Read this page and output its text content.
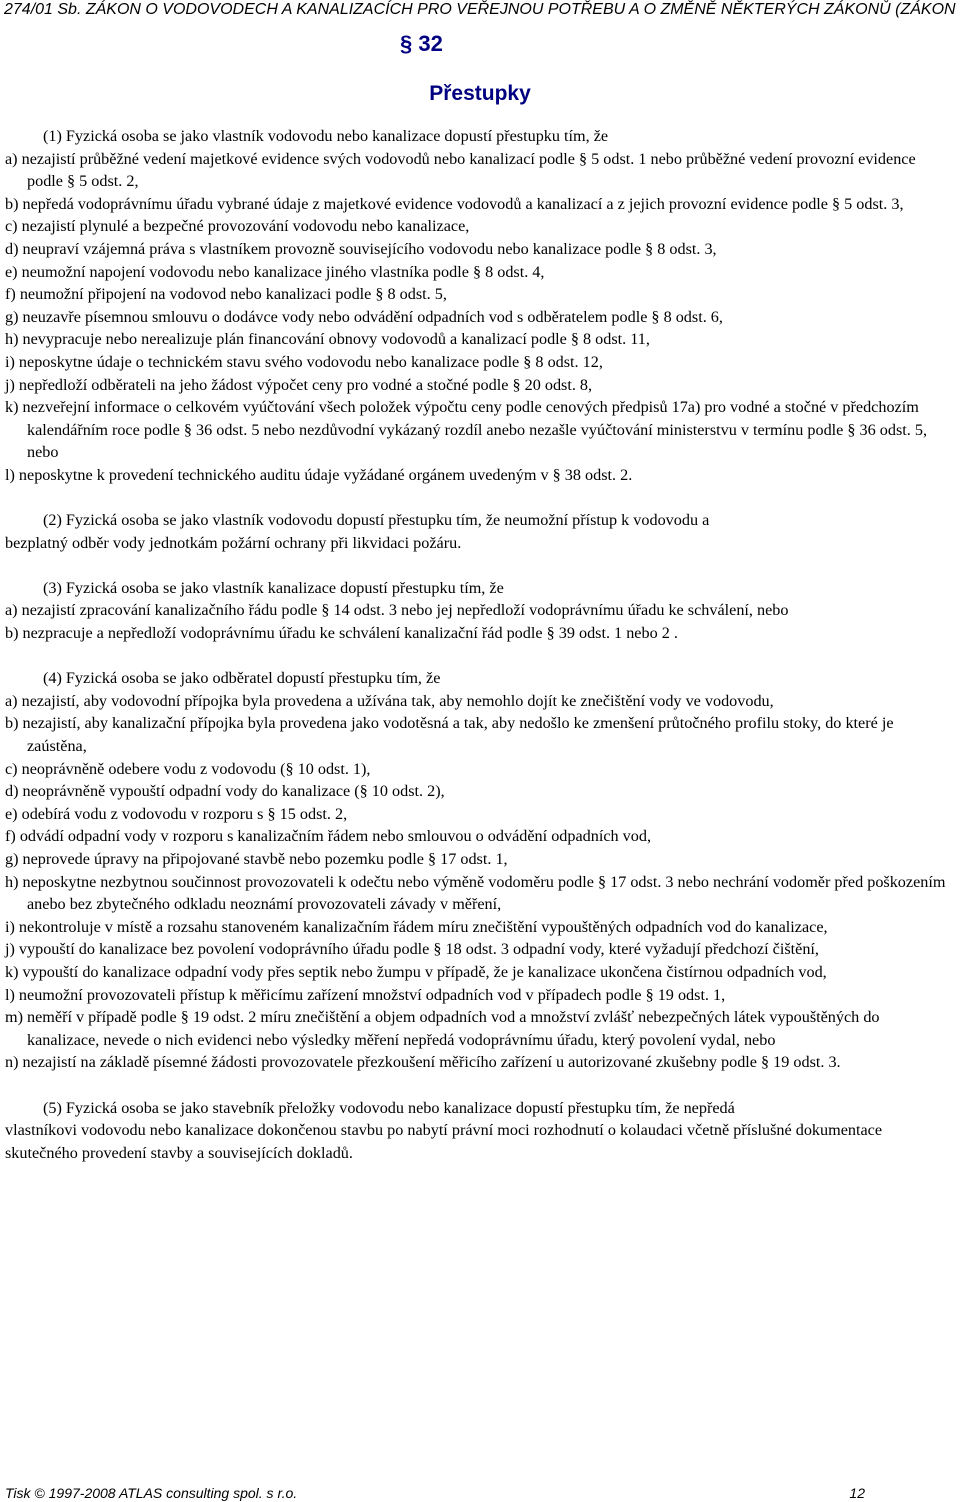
274/01 Sb. ZÁKON O VODOVODECH A KANALIZACÍCH PRO VEŘEJNOU POTŘEBU A O ZMĚNĚ NĚKTERÝCH ZÁKONŮ (ZÁKON
§ 32
Přestupky

(1) Fyzická osoba se jako vlastník vodovodu nebo kanalizace dopustí přestupku tím, že

a) nezajistí průběžné vedení majetkové evidence svých vodovodů nebo kanalizací podle § 5 odst. 1 nebo průběžné vedení provozní evidence podle § 5 odst. 2,

b) nepředá vodoprávnímu úřadu vybrané údaje z majetkové evidence vodovodů a kanalizací a z jejich provozní evidence podle § 5 odst. 3,

c) nezajistí plynulé a bezpečné provozování vodovodu nebo kanalizace,

d) neupraví vzájemná práva s vlastníkem provozně souvisejícího vodovodu nebo kanalizace podle § 8 odst. 3,

e) neumožní napojení vodovodu nebo kanalizace jiného vlastníka podle § 8 odst. 4,

f) neumožní připojení na vodovod nebo kanalizaci podle § 8 odst. 5,

g) neuzavře písemnou smlouvu o dodávce vody nebo odvádění odpadních vod s odběratelem podle § 8 odst. 6,

h) nevypracuje nebo nerealizuje plán financování obnovy vodovodů a kanalizací podle § 8 odst. 11,

i) neposkytne údaje o technickém stavu svého vodovodu nebo kanalizace podle § 8 odst. 12,

j) nepředloží odběrateli na jeho žádost výpočet ceny pro vodné a stočné podle § 20 odst. 8,

k) nezveřejní informace o celkovém vyúčtování všech položek výpočtu ceny podle cenových předpisů 17a) pro vodné a stočné v předchozím kalendářním roce podle § 36 odst. 5 nebo nezdůvodní vykázaný rozdíl anebo nezašle vyúčtování ministerstvu v termínu podle § 36 odst. 5, nebo

l) neposkytne k provedení technického auditu údaje vyžádané orgánem uvedeným v § 38 odst. 2.

(2) Fyzická osoba se jako vlastník vodovodu dopustí přestupku tím, že neumožní přístup k vodovodu a

bezplatný odběr vody jednotkám požární ochrany při likvidaci požáru.

(3) Fyzická osoba se jako vlastník kanalizace dopustí přestupku tím, že

a) nezajistí zpracování kanalizačního řádu podle § 14 odst. 3 nebo jej nepředloží vodoprávnímu úřadu ke schválení, nebo

b) nezpracuje a nepředloží vodoprávnímu úřadu ke schválení kanalizační řád podle § 39 odst. 1 nebo 2 .

(4) Fyzická osoba se jako odběratel dopustí přestupku tím, že

a) nezajistí, aby vodovodní přípojka byla provedena a užívána tak, aby nemohlo dojít ke znečištění vody ve vodovodu,

b) nezajistí, aby kanalizační přípojka byla provedena jako vodotěsná a tak, aby nedošlo ke zmenšení průtočného profilu stoky, do které je zaústěna,

c) neoprávněně odebere vodu z vodovodu (§ 10 odst. 1),

d) neoprávněně vypouští odpadní vody do kanalizace (§ 10 odst. 2),

e) odebírá vodu z vodovodu v rozporu s § 15 odst. 2,

f) odvádí odpadní vody v rozporu s kanalizačním řádem nebo smlouvou o odvádění odpadních vod,

g) neprovede úpravy na připojované stavbě nebo pozemku podle § 17 odst. 1,

h) neposkytne nezbytnou součinnost provozovateli k odečtu nebo výměně vodoměru podle § 17 odst. 3 nebo nechrání vodoměr před poškozením anebo bez zbytečného odkladu neoznámí provozovateli závady v měření,

i) nekontroluje v místě a rozsahu stanoveném kanalizačním řádem míru znečištění vypouštěných odpadních vod do kanalizace,

j) vypouští do kanalizace bez povolení vodoprávního úřadu podle § 18 odst. 3 odpadní vody, které vyžadují předchozí čištění,

k) vypouští do kanalizace odpadní vody přes septik nebo žumpu v případě, že je kanalizace ukončena čistírnou odpadních vod,

l) neumožní provozovateli přístup k měřicímu zařízení množství odpadních vod v případech podle § 19 odst. 1,

m) neměří v případě podle § 19 odst. 2 míru znečištění a objem odpadních vod a množství zvlášť nebezpečných látek vypouštěných do kanalizace, nevede o nich evidenci nebo výsledky měření nepředá vodoprávnímu úřadu, který povolení vydal, nebo

n) nezajistí na základě písemné žádosti provozovatele přezkoušení měřicího zařízení u autorizované zkušebny podle § 19 odst. 3.

(5) Fyzická osoba se jako stavebník přeložky vodovodu nebo kanalizace dopustí přestupku tím, že nepředá

vlastníkovi vodovodu nebo kanalizace dokončenou stavbu po nabytí právní moci rozhodnutí o kolaudaci včetně příslušné dokumentace skutečného provedení stavby a souvisejících dokladů.

Tisk © 1997-2008 ATLAS consulting spol. s r.o.	12
